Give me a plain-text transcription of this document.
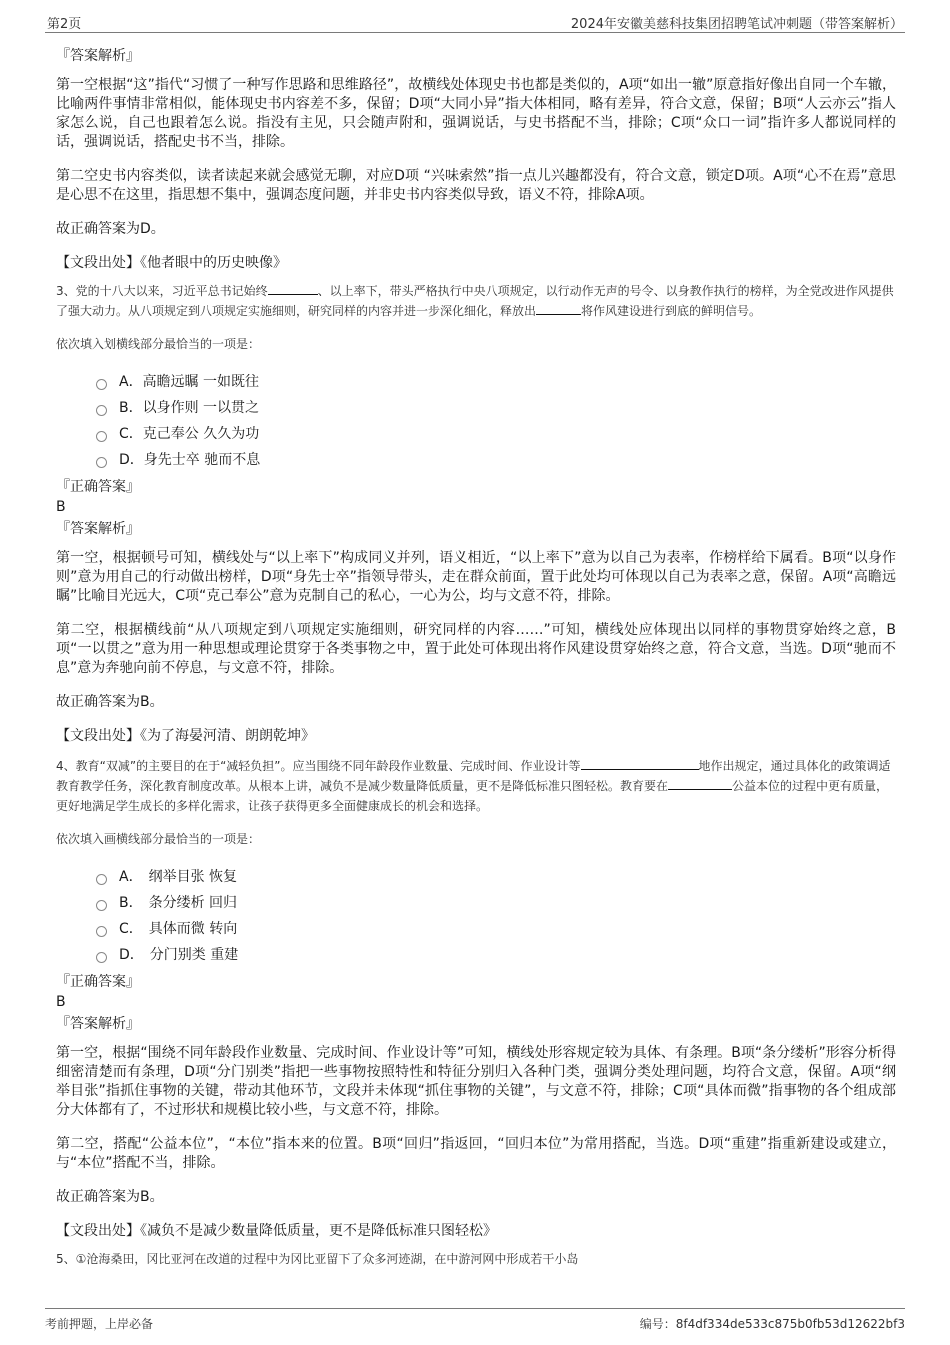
第2页	2024年安徽美慈科技集团招聘笔试冲刺题（带答案解析）

『答案解析』

第一空根据“这”指代“习惯了一种写作思路和思维路径”，故横线处体现史书也都是类似的，A项“如出一辙”原意指好像出自同一个车辙，比喻两件事情非常相似，能体现史书内容差不多，保留；D项“大同小异”指大体相同，略有差异，符合文意，保留；B项“人云亦云”指人家怎么说，自己也跟着怎么说。指没有主见，只会随声附和，强调说话，与史书搭配不当，排除；C项“众口一词”指许多人都说同样的话，强调说话，搭配史书不当，排除。

第二空史书内容类似，读者读起来就会感觉无聊，对应D项 “兴味索然”指一点儿兴趣都没有，符合文意，锁定D项。A项“心不在焉”意思是心思不在这里，指思想不集中，强调态度问题，并非史书内容类似导致，语义不符，排除A项。

故正确答案为D。

【文段出处】《他者眼中的历史映像》

3、党的十八大以来，习近平总书记始终	、以上率下，带头严格执行中央八项规定，以行动作无声的号令、以身教作执行的榜样，为全党改进作风提供了强大动力。从八项规定到八项规定实施细则，研究同样的内容并进一步深化细化，释放出	将作风建设进行到底的鲜明信号。

依次填入划横线部分最恰当的一项是：

A． 高瞻远瞩 一如既往
B． 以身作则 一以贯之
C． 克己奉公 久久为功
D． 身先士卒 驰而不息

『正确答案』

B

『答案解析』

第一空，根据顿号可知，横线处与“以上率下”构成同义并列，语义相近，“以上率下”意为以自己为表率，作榜样给下属看。B项“以身作则”意为用自己的行动做出榜样，D项“身先士卒”指领导带头，走在群众前面，置于此处均可体现以自己为表率之意，保留。A项“高瞻远瞩”比喻目光远大，C项“克己奉公”意为克制自己的私心，一心为公，均与文意不符，排除。

第二空，根据横线前“从八项规定到八项规定实施细则，研究同样的内容……”可知，横线处应体现出以同样的事物贯穿始终之意，B项“一以贯之”意为用一种思想或理论贯穿于各类事物之中，置于此处可体现出将作风建设贯穿始终之意，符合文意，当选。D项“驰而不息”意为奔驰向前不停息，与文意不符，排除。

故正确答案为B。

【文段出处】《为了海晏河清、朗朗乾坤》

4、教育“双减”的主要目的在于“减轻负担”。应当围绕不同年龄段作业数量、完成时间、作业设计等	地作出规定，通过具体化的政策调适教育教学任务，深化教育制度改革。从根本上讲，减负不是减少数量降低质量，更不是降低标准只图轻松。教育要在	公益本位的过程中更有质量，更好地满足学生成长的多样化需求，让孩子获得更多全面健康成长的机会和选择。

依次填入画横线部分最恰当的一项是：

A． 纲举目张 恢复
B． 条分缕析 回归
C． 具体而微 转向
D． 分门别类 重建

『正确答案』

B

『答案解析』

第一空，根据“围绕不同年龄段作业数量、完成时间、作业设计等”可知，横线处形容规定较为具体、有条理。B项“条分缕析”形容分析得细密清楚而有条理，D项“分门别类”指把一些事物按照特性和特征分别归入各种门类，强调分类处理问题，均符合文意，保留。A项“纲举目张”指抓住事物的关键，带动其他环节，文段并未体现“抓住事物的关键”，与文意不符，排除；C项“具体而微”指事物的各个组成部分大体都有了，不过形状和规模比较小些，与文意不符，排除。

第二空，搭配“公益本位”，“本位”指本来的位置。B项“回归”指返回，“回归本位”为常用搭配，当选。D项“重建”指重新建设或建立，与“本位”搭配不当，排除。

故正确答案为B。

【文段出处】《减负不是减少数量降低质量，更不是降低标准只图轻松》

5、①沧海桑田，冈比亚河在改道的过程中为冈比亚留下了众多河迹湖，在中游河网中形成若干小岛

考前押题，上岸必备	编号：8f4df334de533c875b0fb53d12622bf3
